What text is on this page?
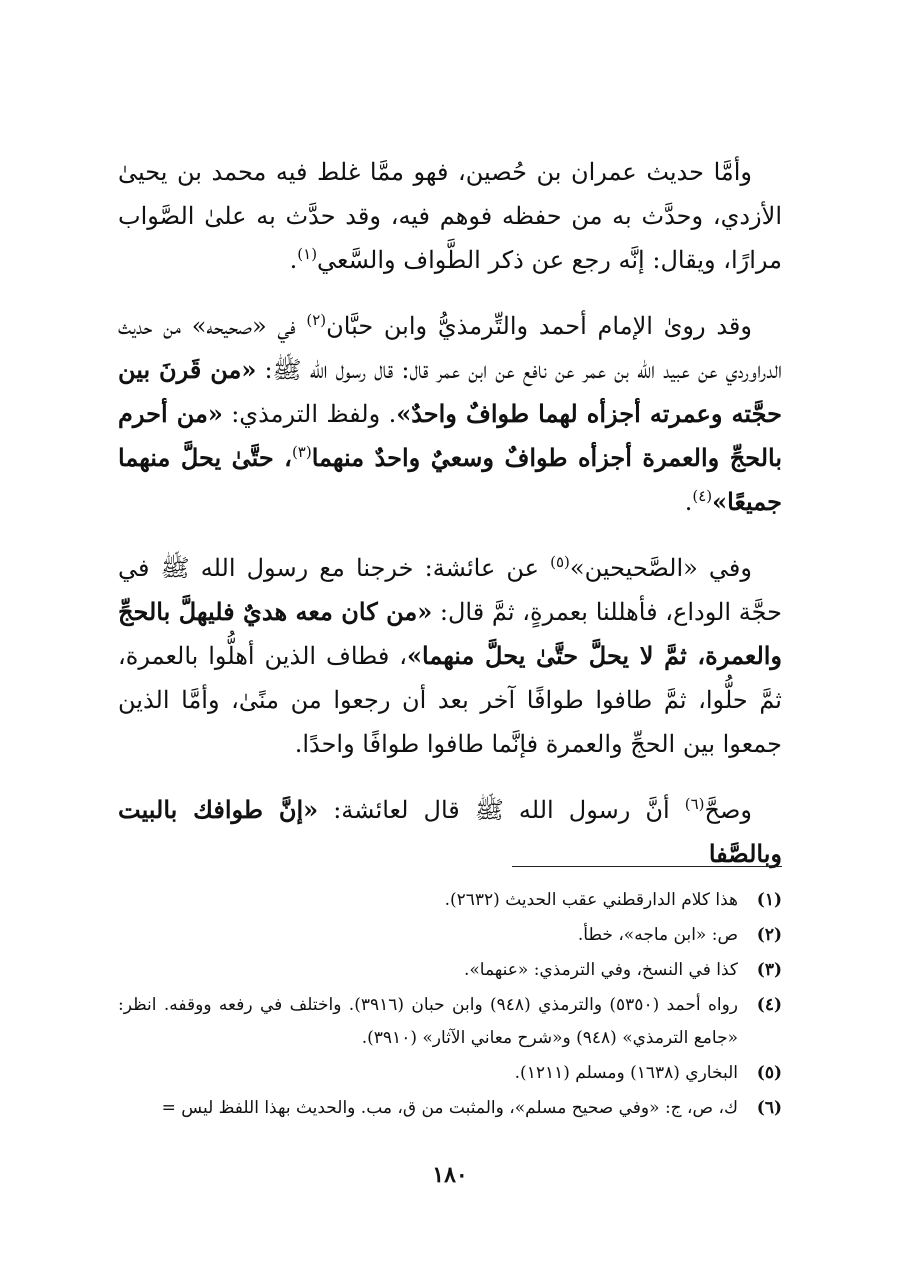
وأمَّا حديث عمران بن حُصين، فهو ممَّا غلط فيه محمد بن يحيىٰ الأزدي، وحدَّث به من حفظه فوهم فيه، وقد حدَّث به علىٰ الصَّواب مرارًا، ويقال: إنَّه رجع عن ذكر الطَّواف والسَّعي$^{(١)}$.

وقد روىٰ الإمام أحمد والتِّرمذيُّ وابن حبَّان$^{(٢)}$ في «صحيحه» من حديث الدراوردي عن عبيد الله بن عمر عن نافع عن ابن عمر قال: قال رسول الله ﷺ: «من قَرنَ بين حجَّته وعمرته أجزأه لهما طوافٌ واحدٌ». ولفظ الترمذي: «من أحرم بالحجِّ والعمرة أجزأه طوافٌ وسعيٌ واحدٌ منهما$^{(٣)}$، حتَّىٰ يحلَّ منهما جميعًا»$^{(٤)}$.

وفي «الصَّحيحين»$^{(٥)}$ عن عائشة: خرجنا مع رسول الله ﷺ في حجَّة الوداع، فأهللنا بعمرةٍ، ثمَّ قال: «من كان معه هديٌ فليهلَّ بالحجِّ والعمرة، ثمَّ لا يحلَّ حتَّىٰ يحلَّ منهما»، فطاف الذين أهلُّوا بالعمرة، ثمَّ حلُّوا، ثمَّ طافوا طوافًا آخر بعد أن رجعوا من منًىٰ، وأمَّا الذين جمعوا بين الحجِّ والعمرة فإنَّما طافوا طوافًا واحدًا.

وصحَّ$^{(٦)}$ أنَّ رسول الله ﷺ قال لعائشة: «إنَّ طوافك بالبيت وبالصَّفا

(١)
هذا كلام الدارقطني عقب الحديث (٢٦٣٢).
(٢)
ص: «ابن ماجه»، خطأ.
(٣)
كذا في النسخ، وفي الترمذي: «عنهما».
(٤)
رواه أحمد (٥٣٥٠) والترمذي (٩٤٨) وابن حبان (٣٩١٦). واختلف في رفعه ووقفه. انظر: «جامع الترمذي» (٩٤٨) و«شرح معاني الآثار» (٣٩١٠).
(٥)
البخاري (١٦٣٨) ومسلم (١٢١١).
(٦)
ك، ص، ج: «وفي صحيح مسلم»، والمثبت من ق، مب. والحديث بهذا اللفظ ليس =
١٨٠
